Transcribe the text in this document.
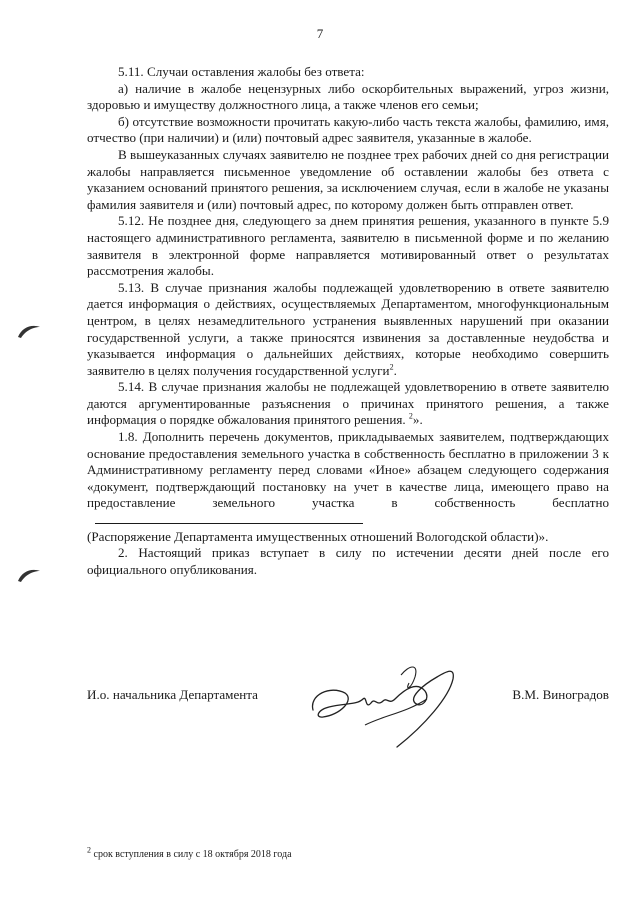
7

5.11. Случаи оставления жалобы без ответа:

а) наличие в жалобе нецензурных либо оскорбительных выражений, угроз жизни, здоровью и имуществу должностного лица, а также членов его семьи;

б) отсутствие возможности прочитать какую-либо часть текста жалобы, фамилию, имя, отчество (при наличии) и (или) почтовый адрес заявителя, указанные в жалобе.

В вышеуказанных случаях заявителю не позднее трех рабочих дней со дня регистрации жалобы направляется письменное уведомление об оставлении жалобы без ответа с указанием оснований принятого решения, за исключением случая, если в жалобе не указаны фамилия заявителя и (или) почтовый адрес, по которому должен быть отправлен ответ.

5.12. Не позднее дня, следующего за днем принятия решения, указанного в пункте 5.9 настоящего административного регламента, заявителю в письменной форме и по желанию заявителя в электронной форме направляется мотивированный ответ о результатах рассмотрения жалобы.

5.13. В случае признания жалобы подлежащей удовлетворению в ответе заявителю дается информация о действиях, осуществляемых Департаментом, многофункциональным центром, в целях незамедлительного устранения выявленных нарушений при оказании государственной услуги, а также приносятся извинения за доставленные неудобства и указывается информация о дальнейших действиях, которые необходимо совершить заявителю в целях получения государственной услуги$^2$.

5.14. В случае признания жалобы не подлежащей удовлетворению в ответе заявителю даются аргументированные разъяснения о причинах принятого решения, а также информация о порядке обжалования принятого решения. $^2$».

1.8. Дополнить перечень документов, прикладываемых заявителем, подтверждающих основание предоставления земельного участка в собственность бесплатно в приложении 3 к Административному регламенту перед словами «Иное» абзацем следующего содержания «документ, подтверждающий постановку на учет в качестве лица, имеющего право на предоставление земельного участка в собственность бесплатно

(Распоряжение Департамента имущественных отношений Вологодской области)».

2. Настоящий приказ вступает в силу по истечении десяти дней после его официального опубликования.

И.о. начальника Департамента	В.М. Виноградов
$^2$ срок вступления в силу с 18 октября 2018 года
